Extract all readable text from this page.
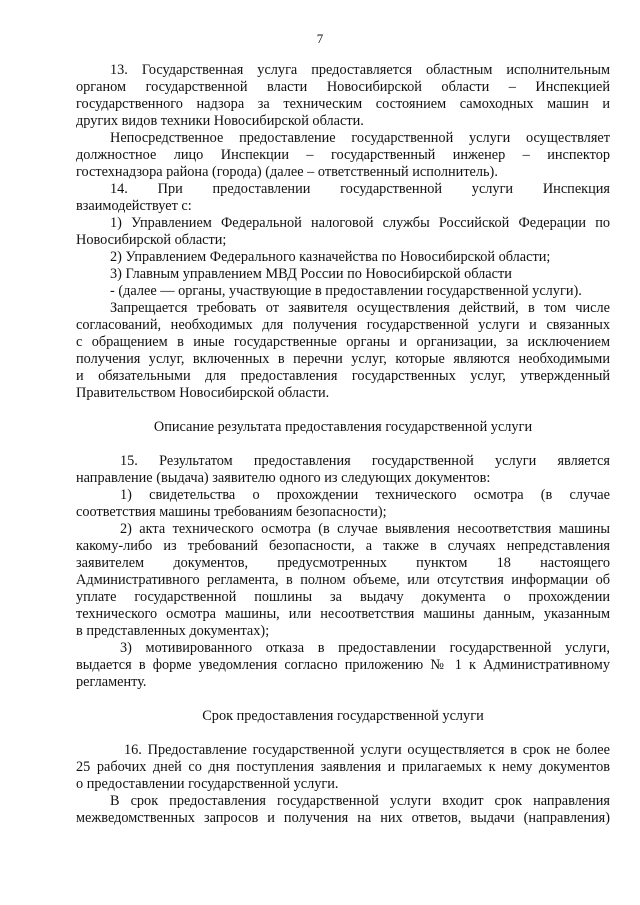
7

13. Государственная услуга предоставляется областным исполнительным

органом государственной власти Новосибирской области – Инспекцией

государственного надзора за техническим состоянием самоходных машин и

других видов техники Новосибирской области.

Непосредственное предоставление государственной услуги осуществляет

должностное лицо Инспекции – государственный инженер – инспектор

гостехнадзора района (города) (далее – ответственный исполнитель).

14. При предоставлении государственной услуги Инспекция

взаимодействует с:

1) Управлением Федеральной налоговой службы Российской Федерации по

Новосибирской области;

2) Управлением Федерального казначейства по Новосибирской области;

3) Главным управлением МВД России по Новосибирской области

- (далее — органы, участвующие в предоставлении государственной услуги).

Запрещается требовать от заявителя осуществления действий, в том числе

согласований, необходимых для получения государственной услуги и связанных

с обращением в иные государственные органы и организации, за исключением

получения услуг, включенных в перечни услуг, которые являются необходимыми

и обязательными для предоставления государственных услуг, утвержденный

Правительством Новосибирской области.

Описание результата предоставления государственной услуги

15. Результатом предоставления государственной услуги является

направление (выдача) заявителю одного из следующих документов:

1) свидетельства о прохождении технического осмотра (в случае

соответствия машины требованиям безопасности);

2) акта технического осмотра (в случае выявления несоответствия машины

какому-либо из требований безопасности, а также в случаях непредставления

заявителем документов, предусмотренных пунктом 18 настоящего

Административного регламента, в полном объеме, или отсутствия информации об

уплате государственной пошлины за выдачу документа о прохождении

технического осмотра машины, или несоответствия машины данным, указанным

в представленных документах);

3) мотивированного отказа в предоставлении государственной услуги,

выдается в форме уведомления согласно приложению № 1 к Административному

регламенту.

Срок предоставления государственной услуги

16. Предоставление государственной услуги осуществляется в срок не более

25 рабочих дней со дня поступления заявления и прилагаемых к нему документов

о предоставлении государственной услуги.

В срок предоставления государственной услуги входит срок направления

межведомственных запросов и получения на них ответов, выдачи (направления)
